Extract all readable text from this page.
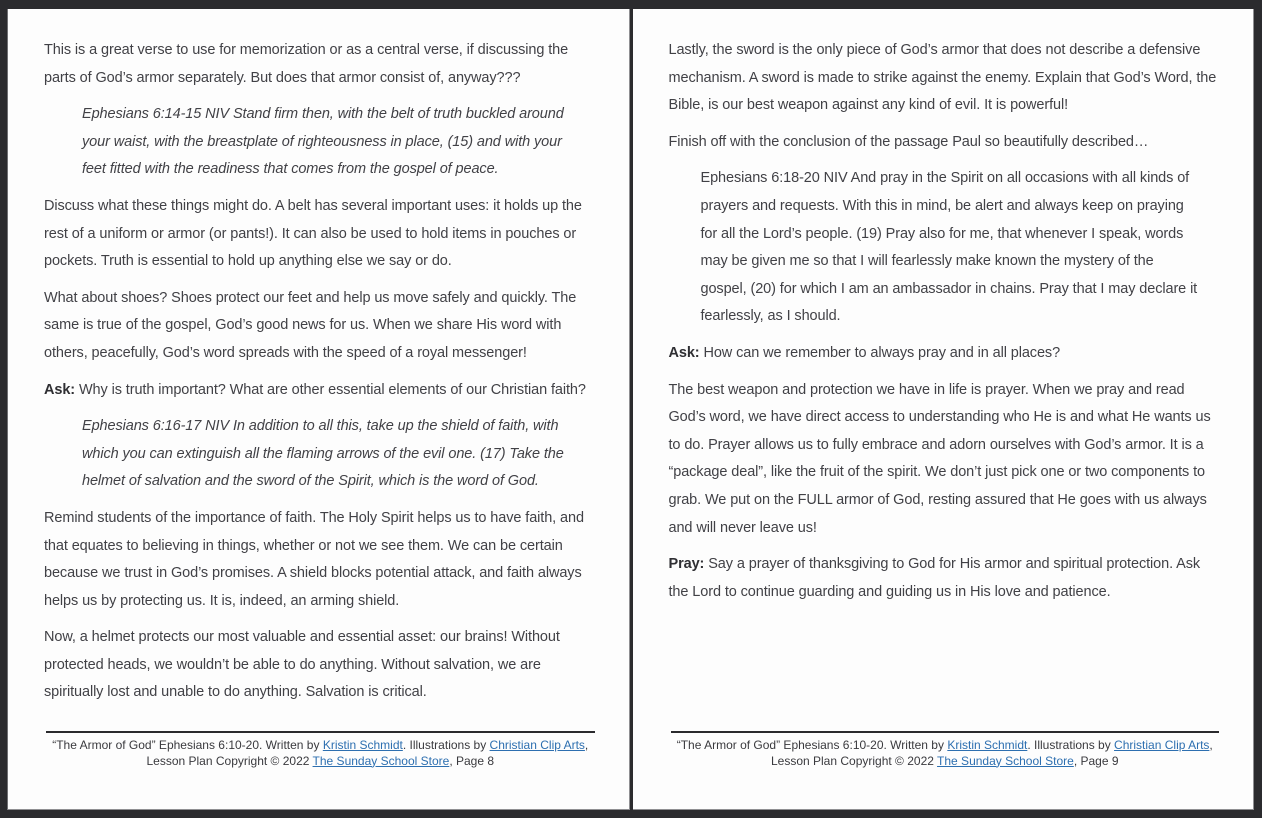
This is a great verse to use for memorization or as a central verse, if discussing the parts of God’s armor separately. But does that armor consist of, anyway???

Ephesians 6:14-15 NIV Stand firm then, with the belt of truth buckled around your waist, with the breastplate of righteousness in place, (15) and with your feet fitted with the readiness that comes from the gospel of peace.

Discuss what these things might do. A belt has several important uses: it holds up the rest of a uniform or armor (or pants!). It can also be used to hold items in pouches or pockets. Truth is essential to hold up anything else we say or do.

What about shoes? Shoes protect our feet and help us move safely and quickly. The same is true of the gospel, God’s good news for us. When we share His word with others, peacefully, God’s word spreads with the speed of a royal messenger!

Ask: Why is truth important? What are other essential elements of our Christian faith?

Ephesians 6:16-17 NIV In addition to all this, take up the shield of faith, with which you can extinguish all the flaming arrows of the evil one. (17) Take the helmet of salvation and the sword of the Spirit, which is the word of God.

Remind students of the importance of faith. The Holy Spirit helps us to have faith, and that equates to believing in things, whether or not we see them. We can be certain because we trust in God’s promises. A shield blocks potential attack, and faith always helps us by protecting us. It is, indeed, an arming shield.

Now, a helmet protects our most valuable and essential asset: our brains! Without protected heads, we wouldn’t be able to do anything. Without salvation, we are spiritually lost and unable to do anything. Salvation is critical.

“The Armor of God” Ephesians 6:10-20. Written by Kristin Schmidt. Illustrations by Christian Clip Arts, Lesson Plan Copyright © 2022 The Sunday School Store, Page 8

Lastly, the sword is the only piece of God’s armor that does not describe a defensive mechanism. A sword is made to strike against the enemy. Explain that God’s Word, the Bible, is our best weapon against any kind of evil. It is powerful!

Finish off with the conclusion of the passage Paul so beautifully described…

Ephesians 6:18-20 NIV And pray in the Spirit on all occasions with all kinds of prayers and requests. With this in mind, be alert and always keep on praying for all the Lord’s people. (19) Pray also for me, that whenever I speak, words may be given me so that I will fearlessly make known the mystery of the gospel, (20) for which I am an ambassador in chains. Pray that I may declare it fearlessly, as I should.

Ask: How can we remember to always pray and in all places?

The best weapon and protection we have in life is prayer. When we pray and read God’s word, we have direct access to understanding who He is and what He wants us to do. Prayer allows us to fully embrace and adorn ourselves with God’s armor. It is a “package deal”, like the fruit of the spirit. We don’t just pick one or two components to grab. We put on the FULL armor of God, resting assured that He goes with us always and will never leave us!

Pray: Say a prayer of thanksgiving to God for His armor and spiritual protection. Ask the Lord to continue guarding and guiding us in His love and patience.

“The Armor of God” Ephesians 6:10-20. Written by Kristin Schmidt. Illustrations by Christian Clip Arts, Lesson Plan Copyright © 2022 The Sunday School Store, Page 9
